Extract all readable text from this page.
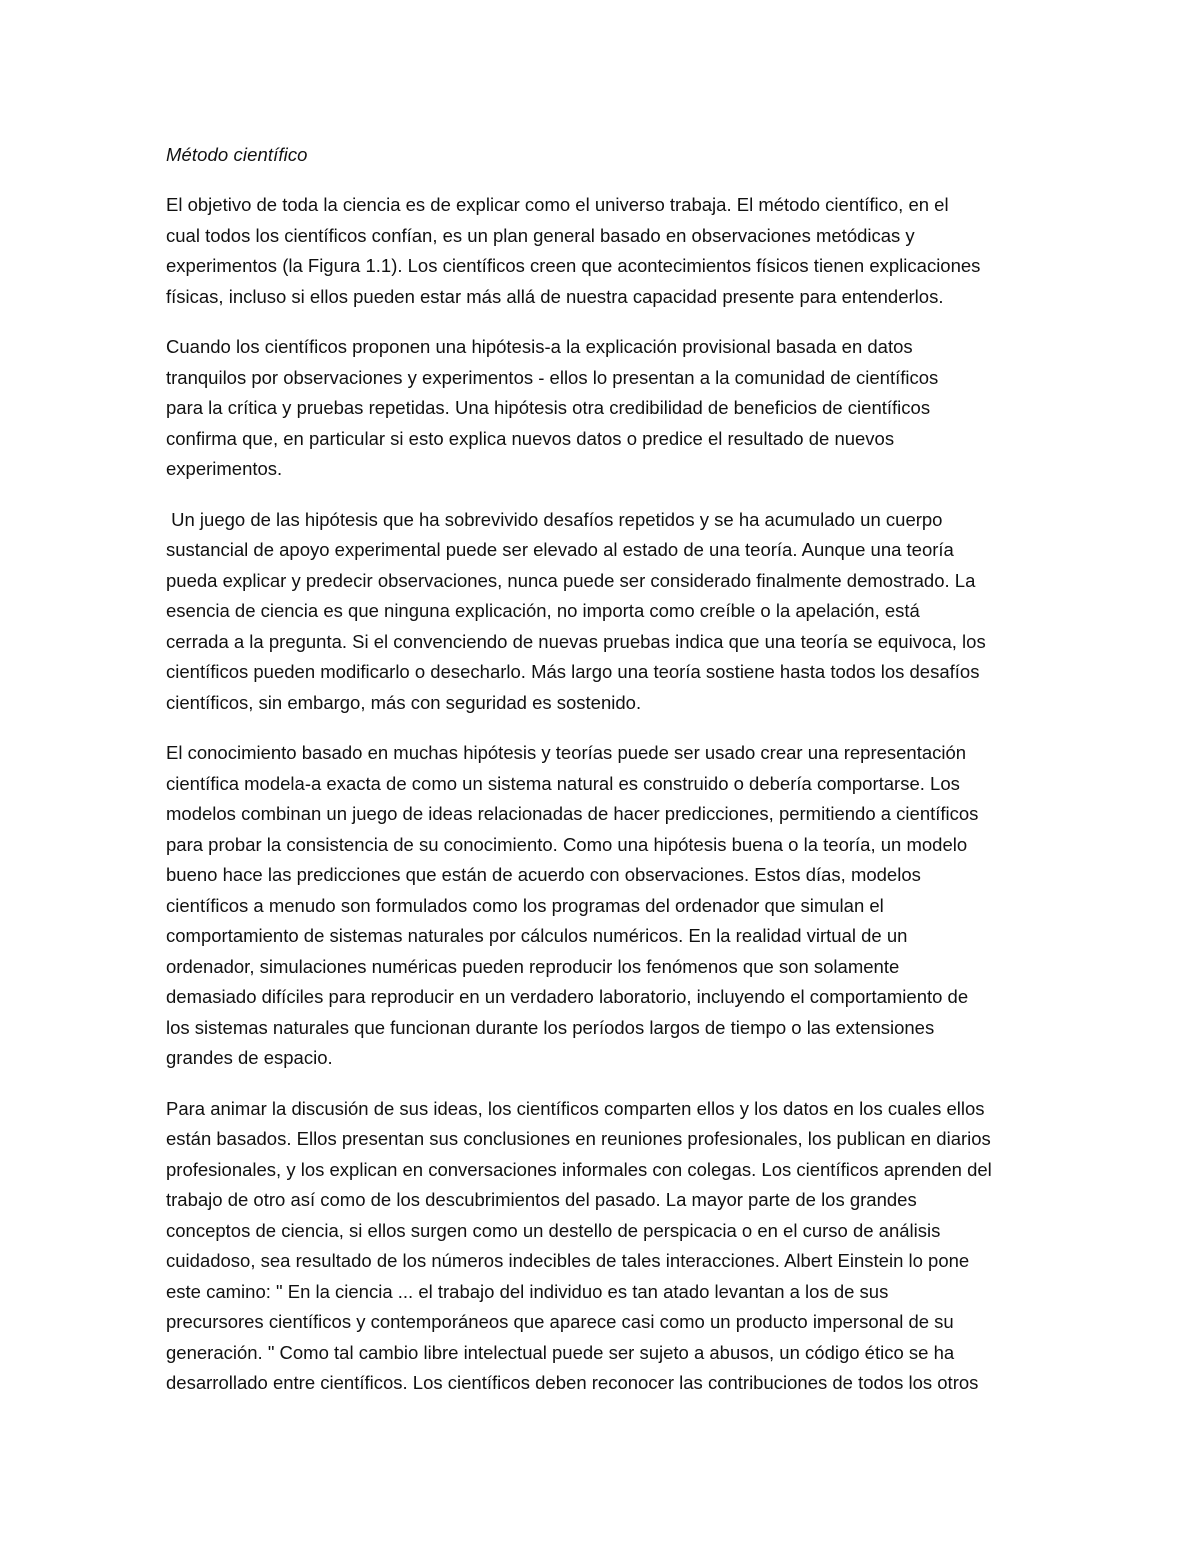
Método científico
El objetivo de toda la ciencia es de explicar como el universo trabaja. El método científico, en el
cual todos los científicos confían, es un plan general basado en observaciones metódicas y
experimentos (la Figura 1.1). Los científicos creen que acontecimientos físicos tienen explicaciones
físicas, incluso si ellos pueden estar más allá de nuestra capacidad presente para entenderlos.
Cuando los científicos proponen una hipótesis-a la explicación provisional basada en datos
tranquilos por observaciones y experimentos - ellos lo presentan a la comunidad de científicos
para la crítica y pruebas repetidas. Una hipótesis otra credibilidad de beneficios de científicos
confirma que, en particular si esto explica nuevos datos o predice el resultado de nuevos
experimentos.
Un juego de las hipótesis que ha sobrevivido desafíos repetidos y se ha acumulado un cuerpo
sustancial de apoyo experimental puede ser elevado al estado de una teoría. Aunque una teoría
pueda explicar y predecir observaciones, nunca puede ser considerado finalmente demostrado. La
esencia de ciencia es que ninguna explicación, no importa como creíble o la apelación, está
cerrada a la pregunta. Si el convenciendo de nuevas pruebas indica que una teoría se equivoca, los
científicos pueden modificarlo o desecharlo. Más largo una teoría sostiene hasta todos los desafíos
científicos, sin embargo, más con seguridad es sostenido.
El conocimiento basado en muchas hipótesis y teorías puede ser usado crear una representación
científica modela-a exacta de como un sistema natural es construido o debería comportarse. Los
modelos combinan un juego de ideas relacionadas de hacer predicciones, permitiendo a científicos
para probar la consistencia de su conocimiento. Como una hipótesis buena o la teoría, un modelo
bueno hace las predicciones que están de acuerdo con observaciones. Estos días, modelos
científicos a menudo son formulados como los programas del ordenador que simulan el
comportamiento de sistemas naturales por cálculos numéricos. En la realidad virtual de un
ordenador, simulaciones numéricas pueden reproducir los fenómenos que son solamente
demasiado difíciles para reproducir en un verdadero laboratorio, incluyendo el comportamiento de
los sistemas naturales que funcionan durante los períodos largos de tiempo o las extensiones
grandes de espacio.
Para animar la discusión de sus ideas, los científicos comparten ellos y los datos en los cuales ellos
están basados. Ellos presentan sus conclusiones en reuniones profesionales, los publican en diarios
profesionales, y los explican en conversaciones informales con colegas. Los científicos aprenden del
trabajo de otro así como de los descubrimientos del pasado. La mayor parte de los grandes
conceptos de ciencia, si ellos surgen como un destello de perspicacia o en el curso de análisis
cuidadoso, sea resultado de los números indecibles de tales interacciones. Albert Einstein lo pone
este camino: " En la ciencia ... el trabajo del individuo es tan atado levantan a los de sus
precursores científicos y contemporáneos que aparece casi como un producto impersonal de su
generación. " Como tal cambio libre intelectual puede ser sujeto a abusos, un código ético se ha
desarrollado entre científicos. Los científicos deben reconocer las contribuciones de todos los otros
